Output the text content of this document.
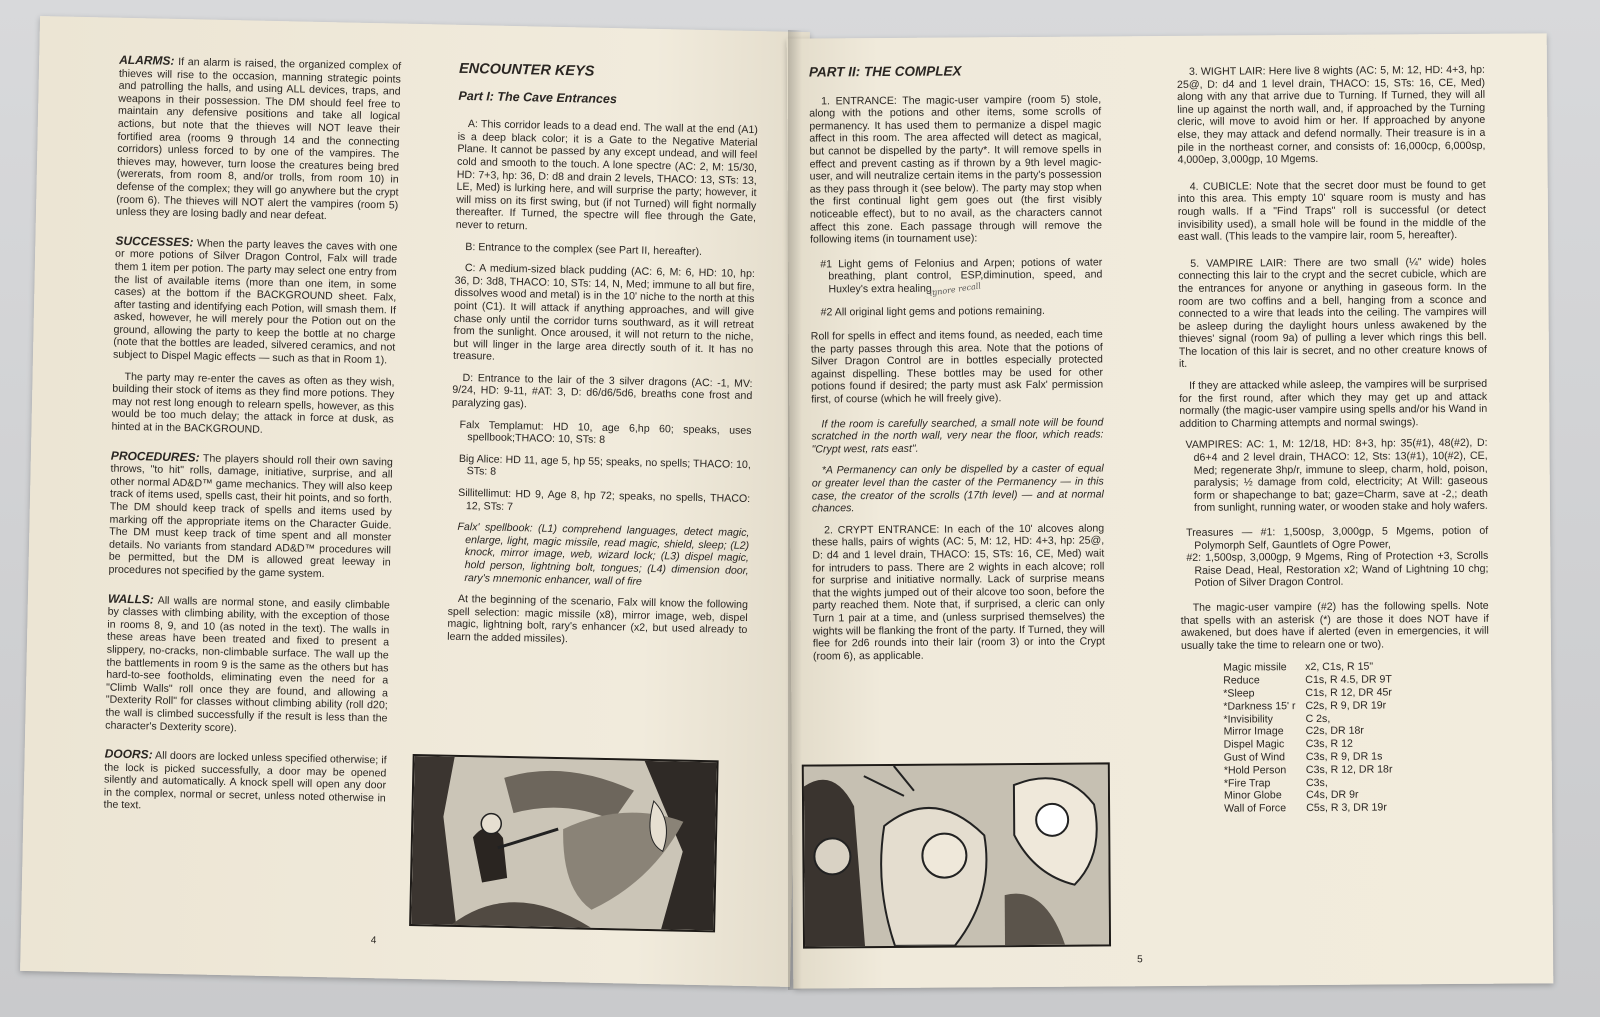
ALARMS: If an alarm is raised, the organized complex of thieves will rise to the occasion, manning strategic points and patrolling the halls, and using ALL devices, traps, and weapons in their possession. The DM should feel free to maintain any defensive positions and take all logical actions, but note that the thieves will NOT leave their fortified area (rooms 9 through 14 and the connecting corridors) unless forced to by one of the vampires. The thieves may, however, turn loose the creatures being bred (wererats, from room 8, and/or trolls, from room 10) in defense of the complex; they will go anywhere but the crypt (room 6). The thieves will NOT alert the vampires (room 5) unless they are losing badly and near defeat.

SUCCESSES: When the party leaves the caves with one or more potions of Silver Dragon Control, Falx will trade them 1 item per potion. The party may select one entry from the list of available items (more than one item, in some cases) at the bottom if the BACKGROUND sheet. Falx, after tasting and identifying each Potion, will smash them. If asked, however, he will merely pour the Potion out on the ground, allowing the party to keep the bottle at no charge (note that the bottles are leaded, silvered ceramics, and not subject to Dispel Magic effects — such as that in Room 1).

The party may re-enter the caves as often as they wish, building their stock of items as they find more potions. They may not rest long enough to relearn spells, however, as this would be too much delay; the attack in force at dusk, as hinted at in the BACKGROUND.

PROCEDURES: The players should roll their own saving throws, "to hit" rolls, damage, initiative, surprise, and all other normal AD&D™ game mechanics. They will also keep track of items used, spells cast, their hit points, and so forth. The DM should keep track of spells and items used by marking off the appropriate items on the Character Guide. The DM must keep track of time spent and all monster details. No variants from standard AD&D™ procedures will be permitted, but the DM is allowed great leeway in procedures not specified by the game system.

WALLS: All walls are normal stone, and easily climbable by classes with climbing ability, with the exception of those in rooms 8, 9, and 10 (as noted in the text). The walls in these areas have been treated and fixed to present a slippery, no-cracks, non-climbable surface. The wall up the the battlements in room 9 is the same as the others but has hard-to-see footholds, eliminating even the need for a "Climb Walls" roll once they are found, and allowing a "Dexterity Roll" for classes without climbing ability (roll d20; the wall is climbed successfully if the result is less than the character's Dexterity score).

DOORS: All doors are locked unless specified otherwise; if the lock is picked successfully, a door may be opened silently and automatically. A knock spell will open any door in the complex, normal or secret, unless noted otherwise in the text.

ENCOUNTER KEYS
Part I: The Cave Entrances

A: This corridor leads to a dead end. The wall at the end (A1) is a deep black color; it is a Gate to the Negative Material Plane. It cannot be passed by any except undead, and will feel cold and smooth to the touch. A lone spectre (AC: 2, M: 15/30, HD: 7+3, hp: 36, D: d8 and drain 2 levels, THACO: 13, STs: 13, LE, Med) is lurking here, and will surprise the party; however, it will miss on its first swing, but (if not Turned) will fight normally thereafter. If Turned, the spectre will flee through the Gate, never to return.

B: Entrance to the complex (see Part II, hereafter).

C: A medium-sized black pudding (AC: 6, M: 6, HD: 10, hp: 36, D: 3d8, THACO: 10, STs: 14, N, Med; immune to all but fire, dissolves wood and metal) is in the 10' niche to the north at this point (C1). It will attack if anything approaches, and will give chase only until the corridor turns southward, as it will retreat from the sunlight. Once aroused, it will not return to the niche, but will linger in the large area directly south of it. It has no treasure.

D: Entrance to the lair of the 3 silver dragons (AC: -1, MV: 9/24, HD: 9-11, #AT: 3, D: d6/d6/5d6, breaths cone frost and paralyzing gas).

Falx Templamut: HD 10, age 6,hp 60; speaks, uses spellbook;THACO: 10, STs: 8

Big Alice: HD 11, age 5, hp 55; speaks, no spells; THACO: 10, STs: 8

Sillitellimut: HD 9, Age 8, hp 72; speaks, no spells, THACO: 12, STs: 7

Falx' spellbook: (L1) comprehend languages, detect magic, enlarge, light, magic missile, read magic, shield, sleep; (L2) knock, mirror image, web, wizard lock; (L3) dispel magic, hold person, lightning bolt, tongues; (L4) dimension door, rary's mnemonic enhancer, wall of fire

At the beginning of the scenario, Falx will know the following spell selection: magic missile (x8), mirror image, web, dispel magic, lightning bolt, rary's enhancer (x2, but used already to learn the added missiles).

4
PART II: THE COMPLEX

1. ENTRANCE: The magic-user vampire (room 5) stole, along with the potions and other items, some scrolls of permanency. It has used them to permanize a dispel magic affect in this room. The area affected will detect as magical, but cannot be dispelled by the party*. It will remove spells in effect and prevent casting as if thrown by a 9th level magic-user, and will neutralize certain items in the party's possession as they pass through it (see below). The party may stop when the first continual light gem goes out (the first visibly noticeable effect), but to no avail, as the characters cannot affect this zone. Each passage through will remove the following items (in tournament use):

#1 Light gems of Felonius and Arpen; potions of water breathing, plant control, ESP,diminution, speed, and Huxley's extra healing. ignore recall

#2 All original light gems and potions remaining.

Roll for spells in effect and items found, as needed, each time the party passes through this area. Note that the potions of Silver Dragon Control are in bottles especially protected against dispelling. These bottles may be used for other potions found if desired; the party must ask Falx' permission first, of course (which he will freely give).

If the room is carefully searched, a small note will be found scratched in the north wall, very near the floor, which reads: "Crypt west, rats east".

*A Permanency can only be dispelled by a caster of equal or greater level than the caster of the Permanency — in this case, the creator of the scrolls (17th level) — and at normal chances.

2. CRYPT ENTRANCE: In each of the 10' alcoves along these halls, pairs of wights (AC: 5, M: 12, HD: 4+3, hp: 25@, D: d4 and 1 level drain, THACO: 15, STs: 16, CE, Med) wait for intruders to pass. There are 2 wights in each alcove; roll for surprise and initiative normally. Lack of surprise means that the wights jumped out of their alcove too soon, before the party reached them. Note that, if surprised, a cleric can only Turn 1 pair at a time, and (unless surprised themselves) the wights will be flanking the front of the party. If Turned, they will flee for 2d6 rounds into their lair (room 3) or into the Crypt (room 6), as applicable.

3. WIGHT LAIR: Here live 8 wights (AC: 5, M: 12, HD: 4+3, hp: 25@, D: d4 and 1 level drain, THACO: 15, STs: 16, CE, Med) along with any that arrive due to Turning. If Turned, they will all line up against the north wall, and, if approached by the Turning cleric, will move to avoid him or her. If approached by anyone else, they may attack and defend normally. Their treasure is in a pile in the northeast corner, and consists of: 16,000cp, 6,000sp, 4,000ep, 3,000gp, 10 Mgems.

4. CUBICLE: Note that the secret door must be found to get into this area. This empty 10' square room is musty and has rough walls. If a "Find Traps" roll is successful (or detect invisibility used), a small hole will be found in the middle of the east wall. (This leads to the vampire lair, room 5, hereafter).

5. VAMPIRE LAIR: There are two small (¼" wide) holes connecting this lair to the crypt and the secret cubicle, which are the entrances for anyone or anything in gaseous form. In the room are two coffins and a bell, hanging from a sconce and connected to a wire that leads into the ceiling. The vampires will be asleep during the daylight hours unless awakened by the thieves' signal (room 9a) of pulling a lever which rings this bell. The location of this lair is secret, and no other creature knows of it.

If they are attacked while asleep, the vampires will be surprised for the first round, after which they may get up and attack normally (the magic-user vampire using spells and/or his Wand in addition to Charming attempts and normal swings).

VAMPIRES: AC: 1, M: 12/18, HD: 8+3, hp: 35(#1), 48(#2), D: d6+4 and 2 level drain, THACO: 12, Sts: 13(#1), 10(#2), CE, Med; regenerate 3hp/r, immune to sleep, charm, hold, poison, paralysis; ½ damage from cold, electricity; At Will: gaseous form or shapechange to bat; gaze=Charm, save at -2,; death from sunlight, running water, or wooden stake and holy wafers.

Treasures — #1: 1,500sp, 3,000gp, 5 Mgems, potion of Polymorph Self, Gauntlets of Ogre Power,

#2: 1,500sp, 3,000gp, 9 Mgems, Ring of Protection +3, Scrolls Raise Dead, Heal, Restoration x2; Wand of Lightning 10 chg; Potion of Silver Dragon Control.

The magic-user vampire (#2) has the following spells. Note that spells with an asterisk (*) are those it does NOT have if awakened, but does have if alerted (even in emergencies, it will usually take the time to relearn one or two).

Magic missile	x2, C1s, R 15"
Reduce	C1s, R 4.5, DR 9T
*Sleep	C1s, R 12, DR 45r
*Darkness 15' r	C2s, R 9, DR 19r
*Invisibility	C 2s,
Mirror Image	C2s, DR 18r
Dispel Magic	C3s, R 12
Gust of Wind	C3s, R 9, DR 1s
*Hold Person	C3s, R 12, DR 18r
*Fire Trap	C3s,
Minor Globe	C4s, DR 9r
Wall of Force	C5s, R 3, DR 19r
5
